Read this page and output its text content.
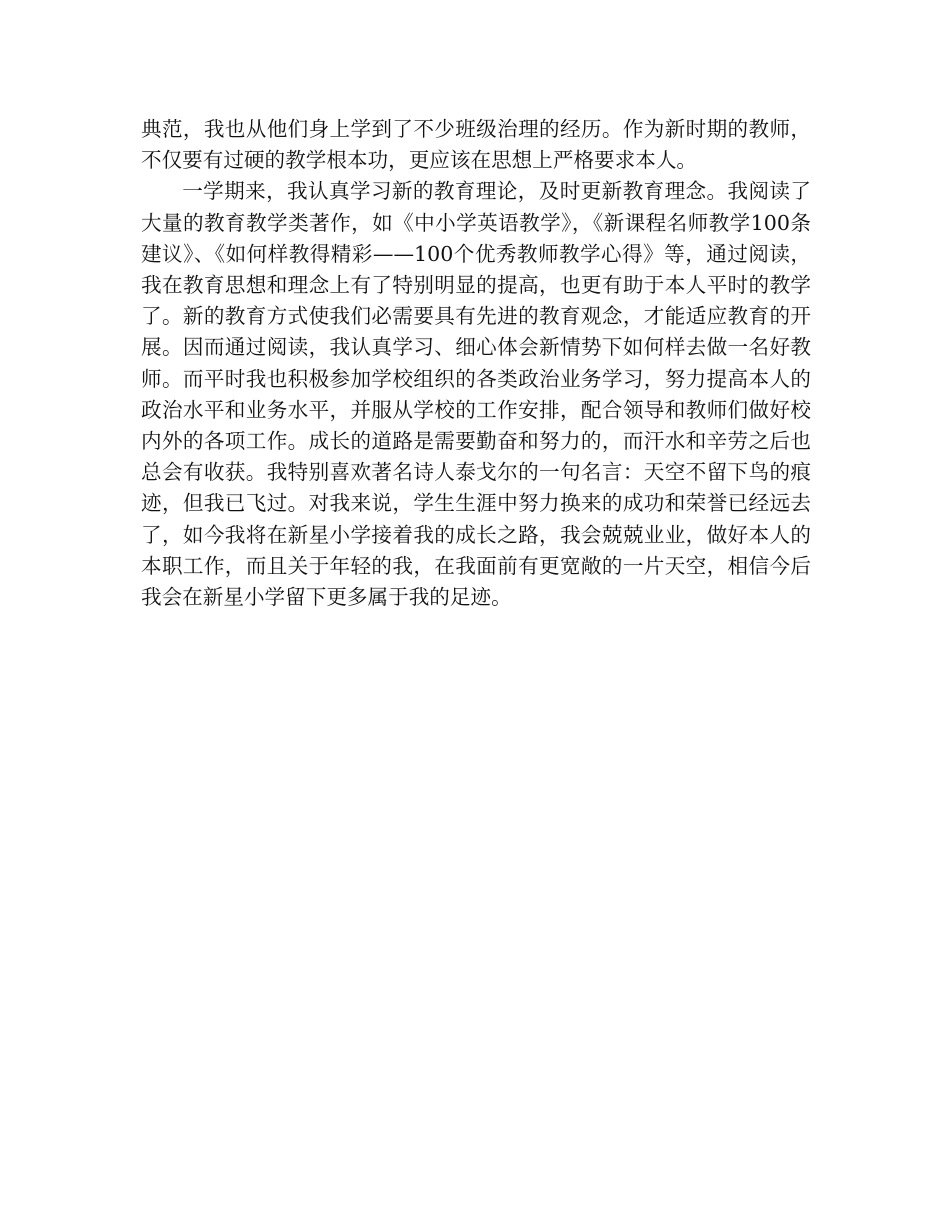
典范，我也从他们身上学到了不少班级治理的经历。作为新时期的教师，不仅要有过硬的教学根本功，更应该在思想上严格要求本人。

一学期来，我认真学习新的教育理论，及时更新教育理念。我阅读了大量的教育教学类著作，如《中小学英语教学》，《新课程名师教学100条建议》、《如何样教得精彩——100个优秀教师教学心得》等，通过阅读，我在教育思想和理念上有了特别明显的提高，也更有助于本人平时的教学了。新的教育方式使我们必需要具有先进的教育观念，才能适应教育的开展。因而通过阅读，我认真学习、细心体会新情势下如何样去做一名好教师。而平时我也积极参加学校组织的各类政治业务学习，努力提高本人的政治水平和业务水平，并服从学校的工作安排，配合领导和教师们做好校内外的各项工作。成长的道路是需要勤奋和努力的，而汗水和辛劳之后也总会有收获。我特别喜欢著名诗人泰戈尔的一句名言：天空不留下鸟的痕迹，但我已飞过。对我来说，学生生涯中努力换来的成功和荣誉已经远去了，如今我将在新星小学接着我的成长之路，我会兢兢业业，做好本人的本职工作，而且关于年轻的我，在我面前有更宽敞的一片天空，相信今后我会在新星小学留下更多属于我的足迹。
